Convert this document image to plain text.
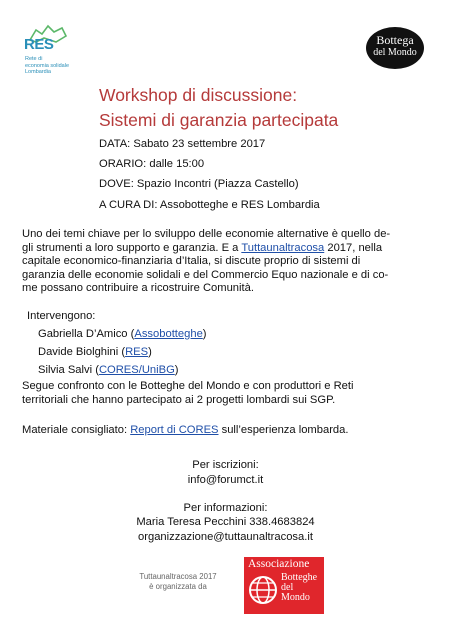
RES
Rete di
economia solidale
Lombardia
Bottega
del Mondo
Workshop di discussione:
Sistemi di garanzia partecipata
DATA: Sabato 23 settembre 2017
ORARIO: dalle 15:00
DOVE: Spazio Incontri (Piazza Castello)
A CURA DI: Assobotteghe e RES Lombardia
Uno dei temi chiave per lo sviluppo delle economie alternative è quello de-
gli strumenti a loro supporto e garanzia. E a Tuttaunaltracosa 2017, nella
capitale economico-finanziaria d’Italia, si discute proprio di sistemi di
garanzia delle economie solidali e del Commercio Equo nazionale e di co-
me possano contribuire a ricostruire Comunità.
Intervengono:
Gabriella D’Amico (Assobotteghe)
Davide Biolghini (RES)
Silvia Salvi (CORES/UniBG)
Segue confronto con le Botteghe del Mondo e con produttori e Reti
territoriali che hanno partecipato ai 2 progetti lombardi sui SGP.
Materiale consigliato: Report di CORES sull’esperienza lombarda.
Per iscrizioni:
info@forumct.it
Per informazioni:
Maria Teresa Pecchini 338.4683824
organizzazione@tuttaunaltracosa.it
Tuttaunaltracosa 2017
è organizzata da
Associazione
Botteghe
del
Mondo
